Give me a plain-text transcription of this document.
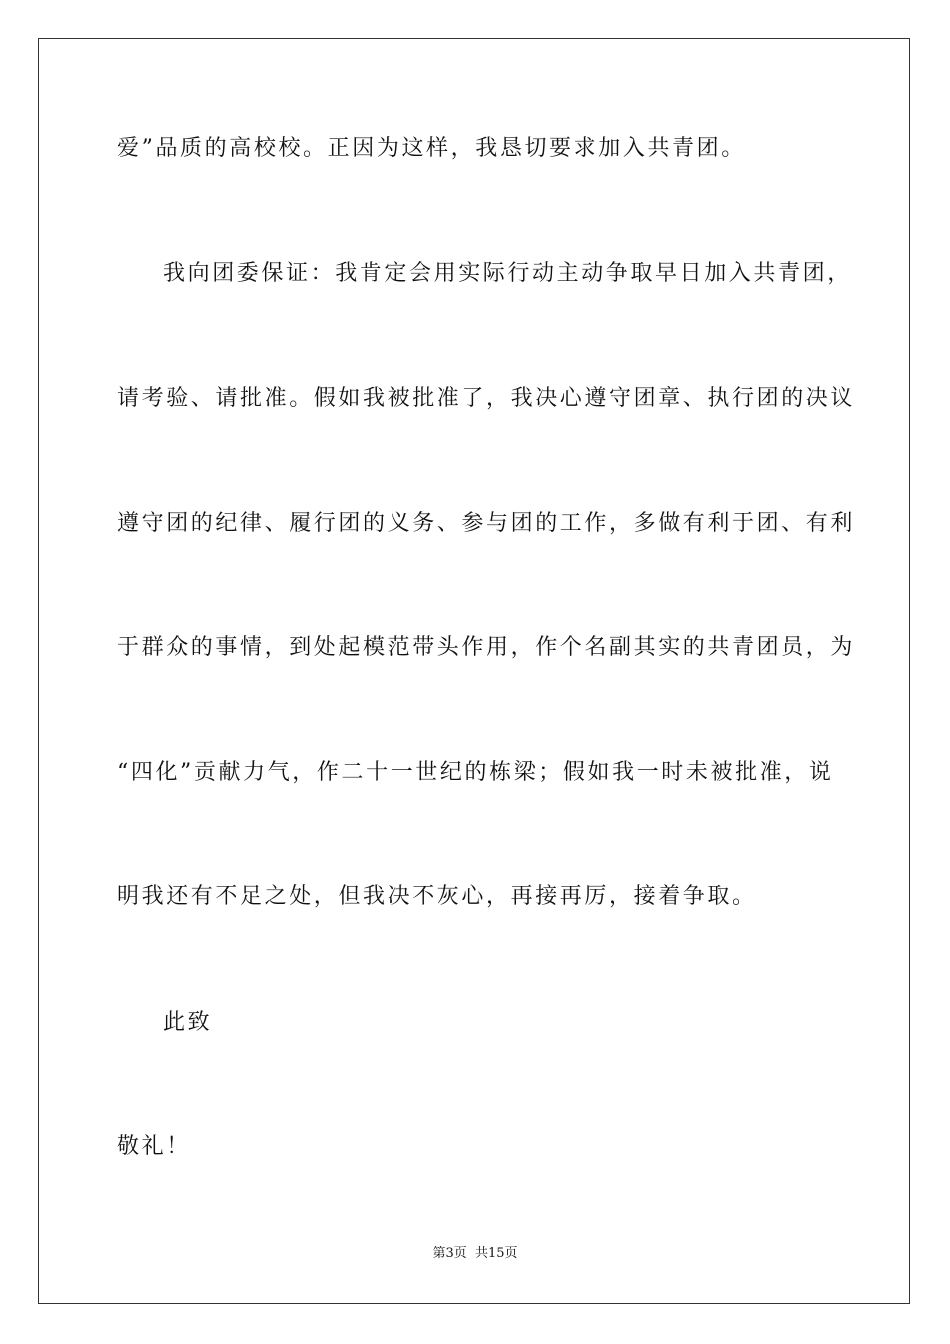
爱”品质的高校校。正因为这样，我恳切要求加入共青团。
我向团委保证：我肯定会用实际行动主动争取早日加入共青团，
请考验、请批准。假如我被批准了，我决心遵守团章、执行团的决议
遵守团的纪律、履行团的义务、参与团的工作，多做有利于团、有利
于群众的事情，到处起模范带头作用，作个名副其实的共青团员，为
“四化”贡献力气，作二十一世纪的栋梁；假如我一时未被批准，说
明我还有不足之处，但我决不灰心，再接再厉，接着争取。
此致
敬礼！
第3页  共15页
